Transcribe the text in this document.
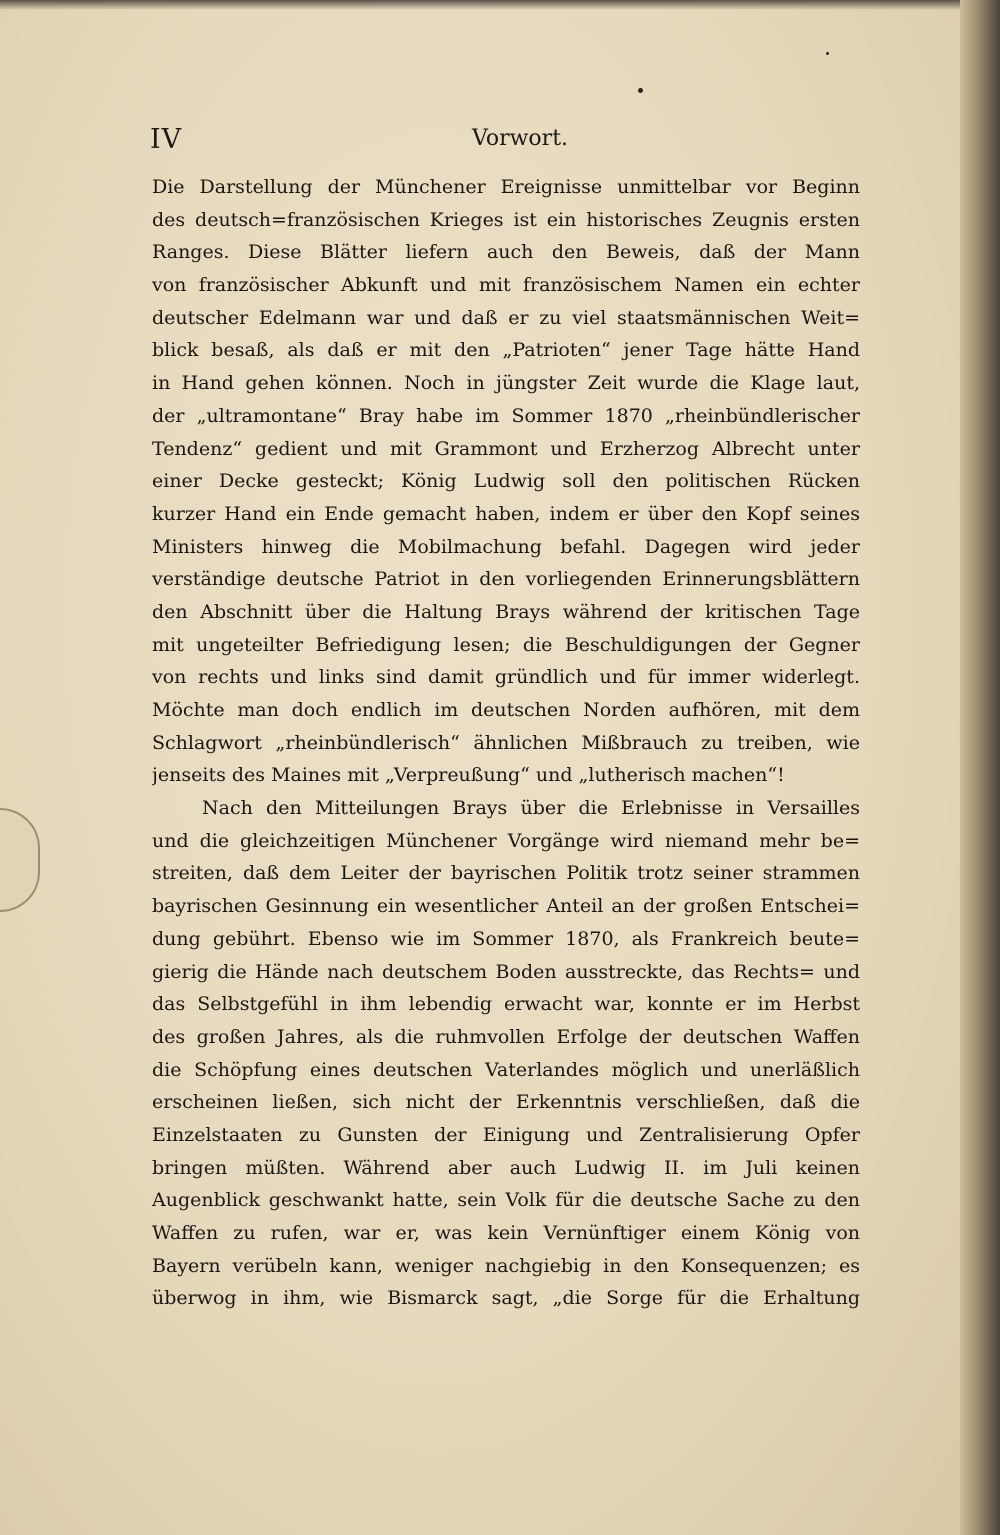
IV	Vorwort.
Die Darstellung der Münchener Ereignisse unmittelbar vor Beginn
des deutsch=französischen Krieges ist ein historisches Zeugnis ersten
Ranges. Diese Blätter liefern auch den Beweis, daß der Mann
von französischer Abkunft und mit französischem Namen ein echter
deutscher Edelmann war und daß er zu viel staatsmännischen Weit=
blick besaß, als daß er mit den „Patrioten“ jener Tage hätte Hand
in Hand gehen können. Noch in jüngster Zeit wurde die Klage laut,
der „ultramontane“ Bray habe im Sommer 1870 „rheinbündlerischer
Tendenz“ gedient und mit Grammont und Erzherzog Albrecht unter
einer Decke gesteckt; König Ludwig soll den politischen Rücken
kurzer Hand ein Ende gemacht haben, indem er über den Kopf seines
Ministers hinweg die Mobilmachung befahl. Dagegen wird jeder
verständige deutsche Patriot in den vorliegenden Erinnerungsblättern
den Abschnitt über die Haltung Brays während der kritischen Tage
mit ungeteilter Befriedigung lesen; die Beschuldigungen der Gegner
von rechts und links sind damit gründlich und für immer widerlegt.
Möchte man doch endlich im deutschen Norden aufhören, mit dem
Schlagwort „rheinbündlerisch“ ähnlichen Mißbrauch zu treiben, wie
jenseits des Maines mit „Verpreußung“ und „lutherisch machen“!
Nach den Mitteilungen Brays über die Erlebnisse in Versailles
und die gleichzeitigen Münchener Vorgänge wird niemand mehr be=
streiten, daß dem Leiter der bayrischen Politik trotz seiner strammen
bayrischen Gesinnung ein wesentlicher Anteil an der großen Entschei=
dung gebührt. Ebenso wie im Sommer 1870, als Frankreich beute=
gierig die Hände nach deutschem Boden ausstreckte, das Rechts= und
das Selbstgefühl in ihm lebendig erwacht war, konnte er im Herbst
des großen Jahres, als die ruhmvollen Erfolge der deutschen Waffen
die Schöpfung eines deutschen Vaterlandes möglich und unerläßlich
erscheinen ließen, sich nicht der Erkenntnis verschließen, daß die
Einzelstaaten zu Gunsten der Einigung und Zentralisierung Opfer
bringen müßten. Während aber auch Ludwig II. im Juli keinen
Augenblick geschwankt hatte, sein Volk für die deutsche Sache zu den
Waffen zu rufen, war er, was kein Vernünftiger einem König von
Bayern verübeln kann, weniger nachgiebig in den Konsequenzen; es
überwog in ihm, wie Bismarck sagt, „die Sorge für die Erhaltung
